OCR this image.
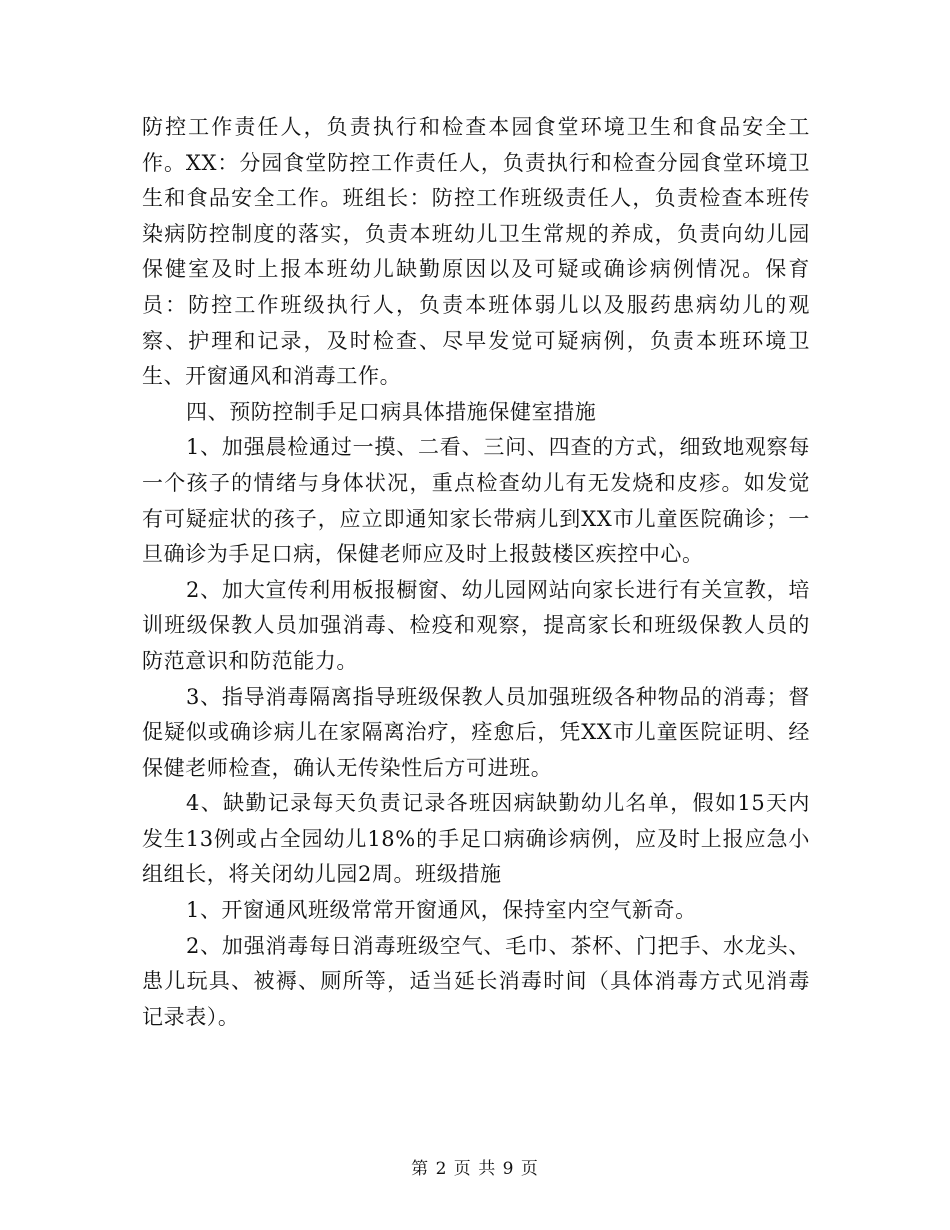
防控工作责任人，负责执行和检查本园食堂环境卫生和食品安全工作。XX：分园食堂防控工作责任人，负责执行和检查分园食堂环境卫生和食品安全工作。班组长：防控工作班级责任人，负责检查本班传染病防控制度的落实，负责本班幼儿卫生常规的养成，负责向幼儿园保健室及时上报本班幼儿缺勤原因以及可疑或确诊病例情况。保育员：防控工作班级执行人，负责本班体弱儿以及服药患病幼儿的观察、护理和记录，及时检查、尽早发觉可疑病例，负责本班环境卫生、开窗通风和消毒工作。

四、预防控制手足口病具体措施保健室措施

1、加强晨检通过一摸、二看、三问、四查的方式，细致地观察每一个孩子的情绪与身体状况，重点检查幼儿有无发烧和皮疹。如发觉有可疑症状的孩子，应立即通知家长带病儿到XX市儿童医院确诊；一旦确诊为手足口病，保健老师应及时上报鼓楼区疾控中心。

2、加大宣传利用板报橱窗、幼儿园网站向家长进行有关宣教，培训班级保教人员加强消毒、检疫和观察，提高家长和班级保教人员的防范意识和防范能力。

3、指导消毒隔离指导班级保教人员加强班级各种物品的消毒；督促疑似或确诊病儿在家隔离治疗，痊愈后，凭XX市儿童医院证明、经保健老师检查，确认无传染性后方可进班。

4、缺勤记录每天负责记录各班因病缺勤幼儿名单，假如15天内发生13例或占全园幼儿18%的手足口病确诊病例，应及时上报应急小组组长，将关闭幼儿园2周。班级措施

1、开窗通风班级常常开窗通风，保持室内空气新奇。

2、加强消毒每日消毒班级空气、毛巾、茶杯、门把手、水龙头、患儿玩具、被褥、厕所等，适当延长消毒时间（具体消毒方式见消毒记录表）。

第 2 页 共 9 页
